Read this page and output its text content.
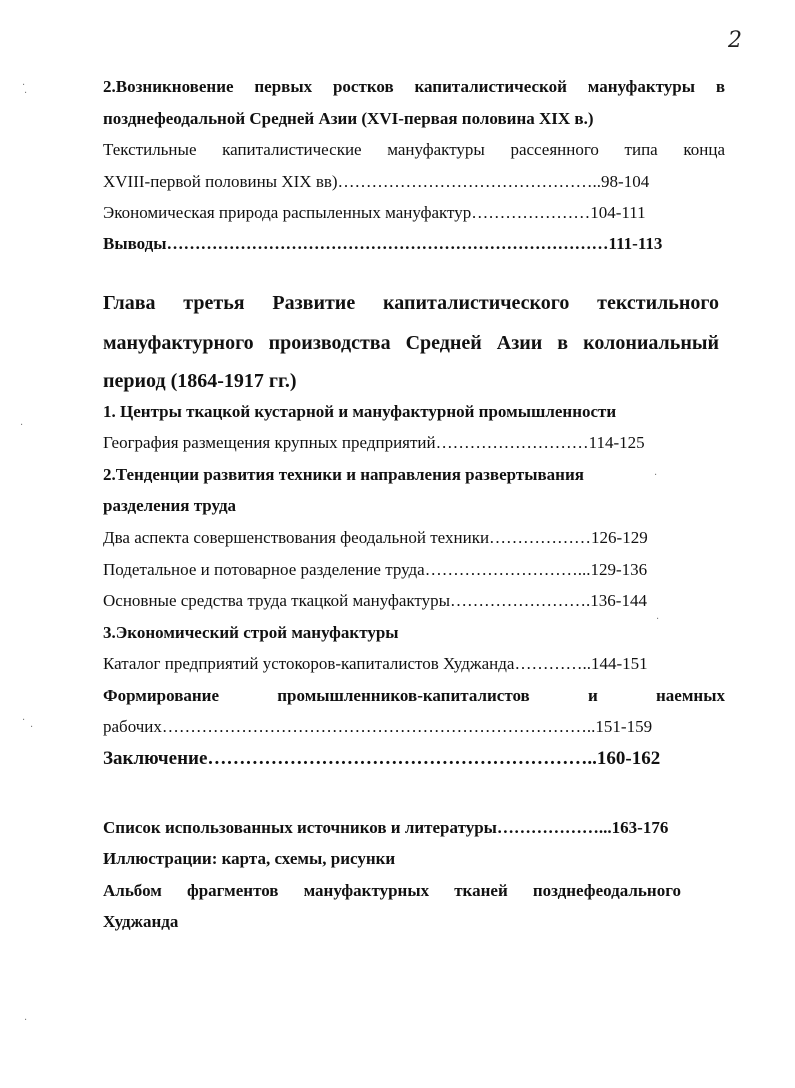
2
2.Возникновение первых ростков капиталистической мануфактуры в
позднефеодальной Средней Азии (XVI-первая половина XIX в.)
Текстильные капиталистические мануфактуры рассеянного типа конца
XVIII-первой половины XIX вв)………………………………………..98-104
Экономическая природа распыленных мануфактур…………………104-111
Выводы……………………………………………………………………111-113
Глава третья Развитие капиталистического текстильного
мануфактурного производства Средней Азии в колониальный
период (1864-1917 гг.)
1. Центры ткацкой кустарной и мануфактурной промышленности
География размещения крупных предприятий………………………114-125
2.Тенденции развития техники и направления развертывания
разделения труда
Два аспекта совершенствования феодальной техники………………126-129
Подетальное и потоварное разделение труда………………………...129-136
Основные средства труда ткацкой мануфактуры…………………….136-144
3.Экономический строй мануфактуры
Каталог предприятий устокоров-капиталистов Худжанда…………..144-151
Формирование промышленников-капиталистов и наемных
рабочих…………………………………………………………………..151-159
Заключение……………………………………………………..160-162
Список использованных источников и литературы………………...163-176
Иллюстрации: карта, схемы, рисунки
Альбом фрагментов мануфактурных тканей позднефеодального
Худжанда
·
·
·
·
·
·
·
·
